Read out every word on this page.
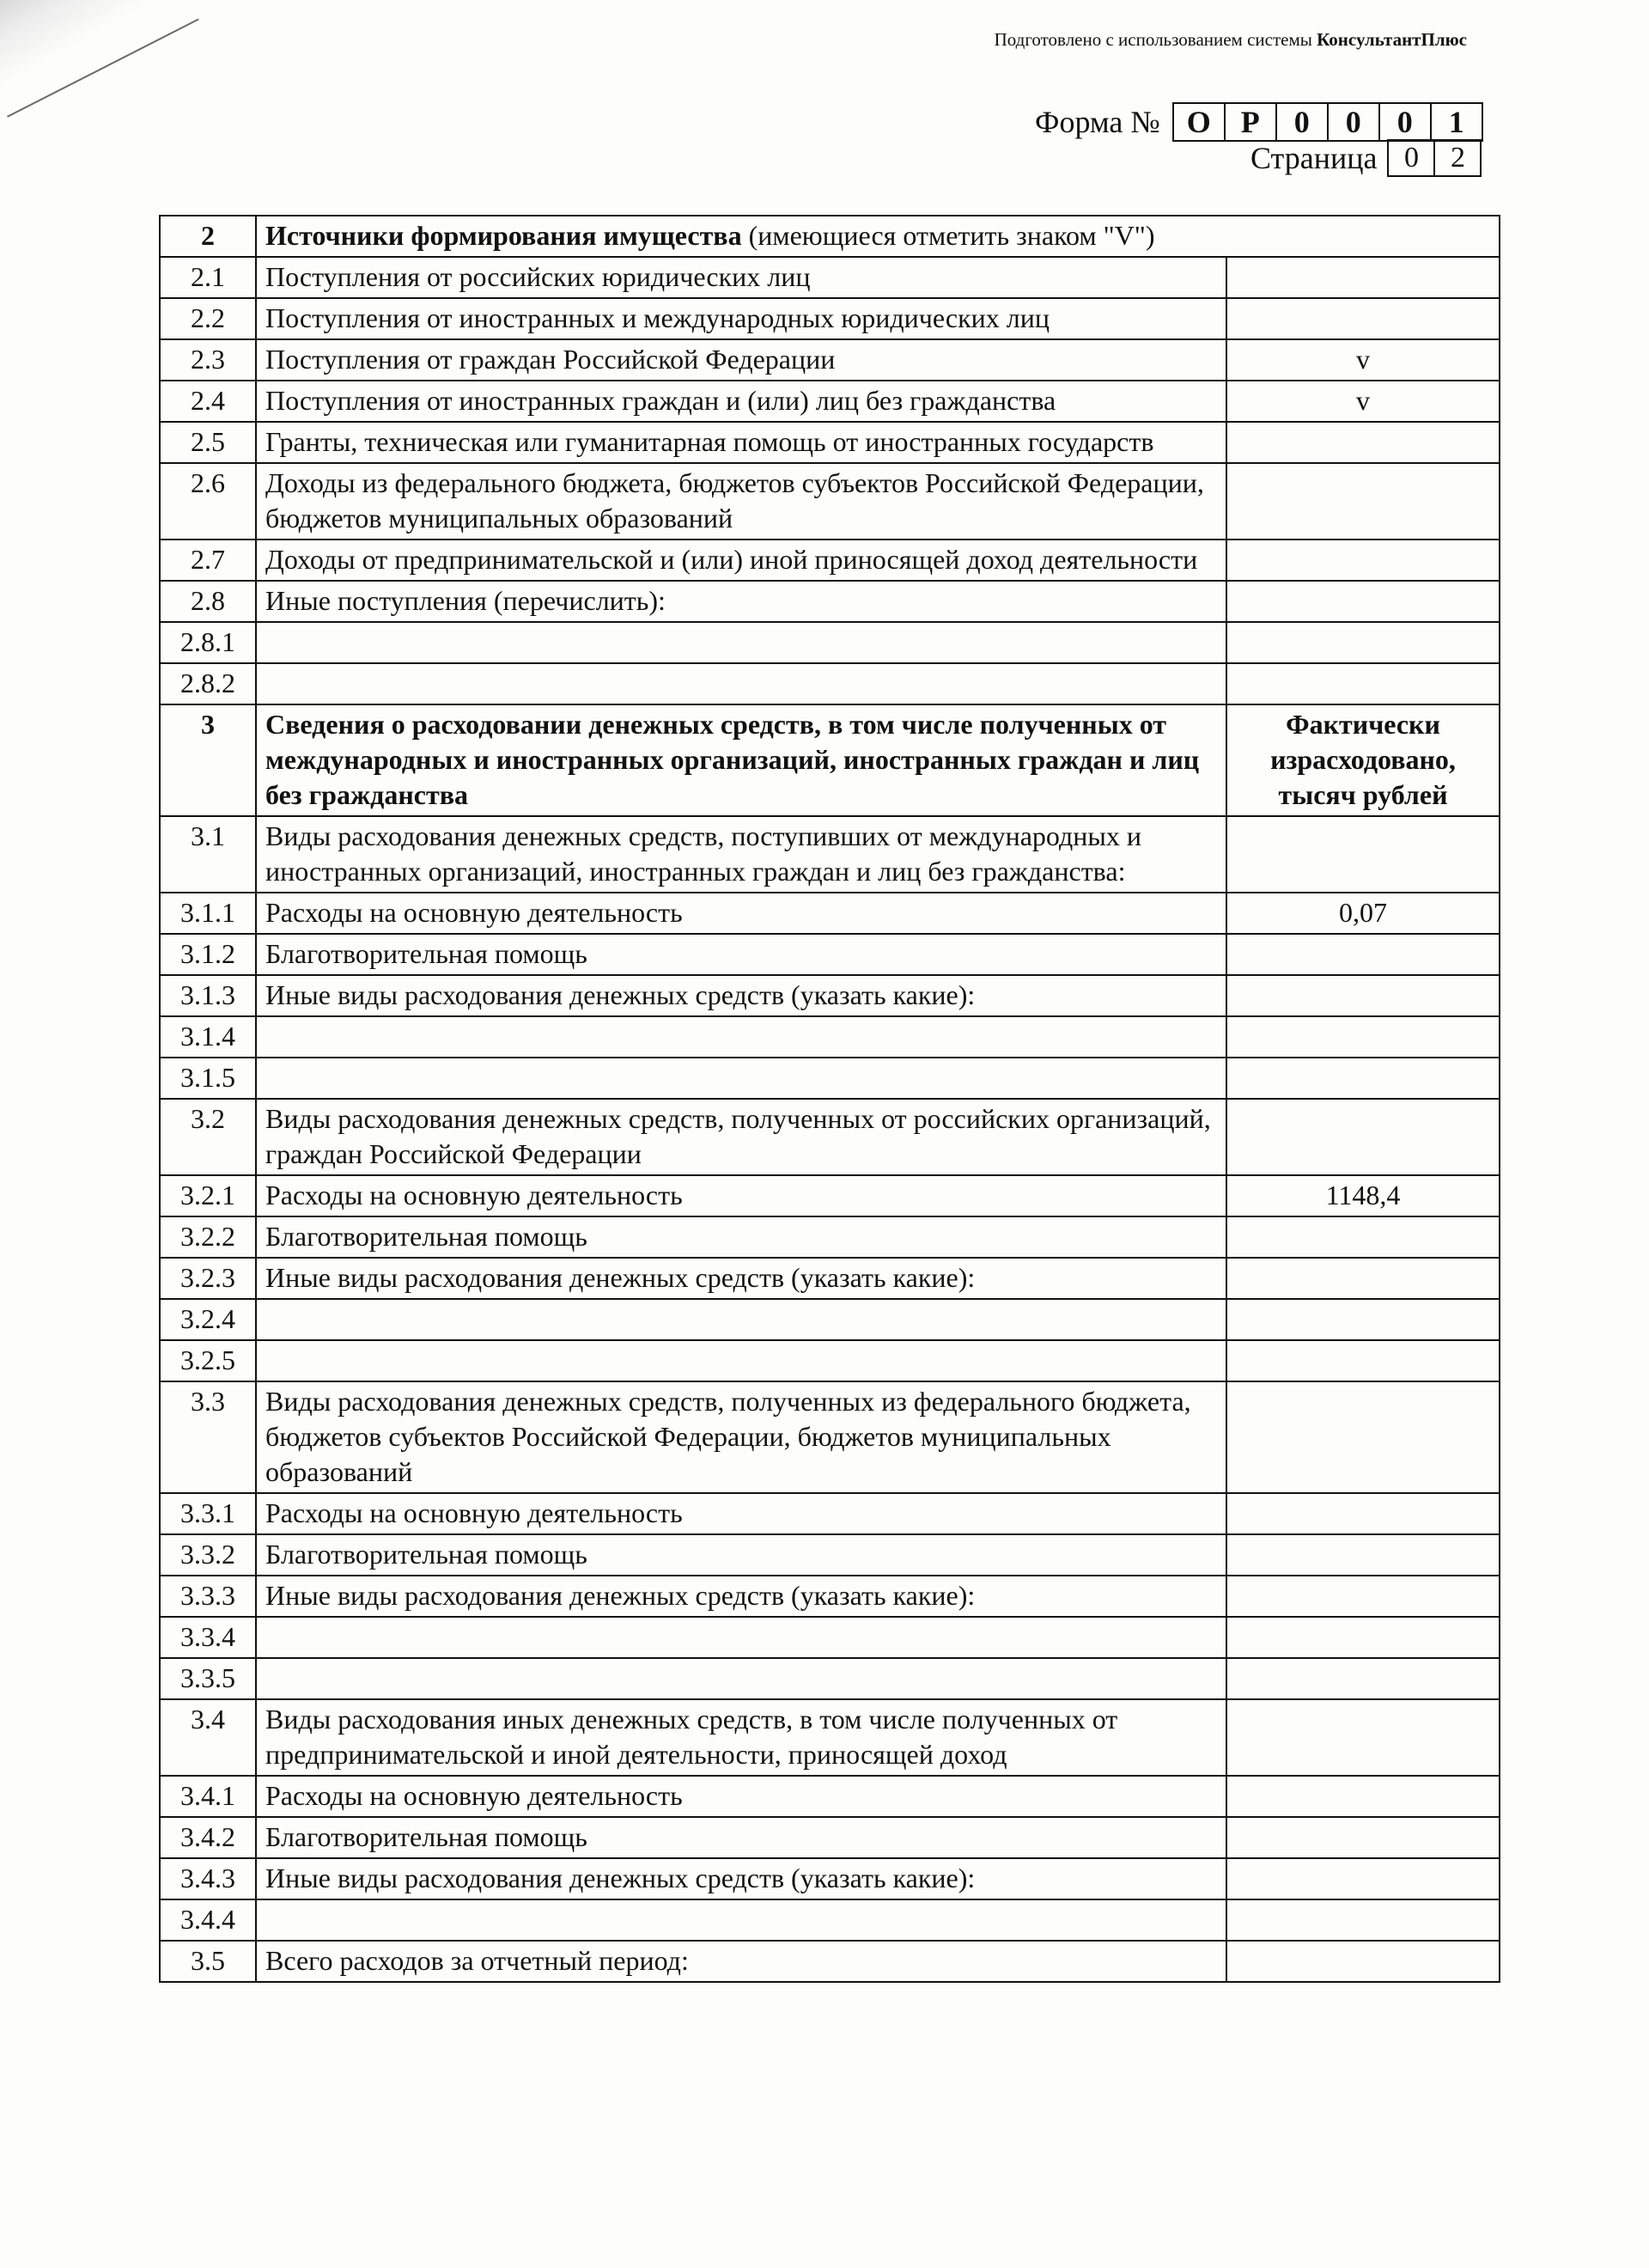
Подготовлено с использованием системы КонсультантПлюс
Форма № О Р	0	0	0	1
Страница 0	2
2	Источники формирования имущества (имеющиеся отметить знаком "V")	
2.1	Поступления от российских юридических лиц	
2.2	Поступления от иностранных и международных юридических лиц	
2.3	Поступления от граждан Российской Федерации	v
2.4	Поступления от иностранных граждан и (или) лиц без гражданства	v
2.5	Гранты, техническая или гуманитарная помощь от иностранных государств	
2.6	Доходы из федерального бюджета, бюджетов субъектов Российской Федерации, бюджетов муниципальных образований	
2.7	Доходы от предпринимательской и (или) иной приносящей доход деятельности	
2.8	Иные поступления (перечислить):	
2.8.1		
2.8.2		
3	Сведения о расходовании денежных средств, в том числе полученных от международных и иностранных организаций, иностранных граждан и лиц без гражданства	Фактически израсходовано, тысяч рублей
3.1	Виды расходования денежных средств, поступивших от международных и иностранных организаций, иностранных граждан и лиц без гражданства:	
3.1.1	Расходы на основную деятельность	0,07
3.1.2	Благотворительная помощь	
3.1.3	Иные виды расходования денежных средств (указать какие):	
3.1.4		
3.1.5		
3.2	Виды расходования денежных средств, полученных от российских организаций, граждан Российской Федерации	
3.2.1	Расходы на основную деятельность	1148,4
3.2.2	Благотворительная помощь	
3.2.3	Иные виды расходования денежных средств (указать какие):	
3.2.4		
3.2.5		
3.3	Виды расходования денежных средств, полученных из федерального бюджета, бюджетов субъектов Российской Федерации, бюджетов муниципальных образований	
3.3.1	Расходы на основную деятельность	
3.3.2	Благотворительная помощь	
3.3.3	Иные виды расходования денежных средств (указать какие):	
3.3.4		
3.3.5		
3.4	Виды расходования иных денежных средств, в том числе полученных от предпринимательской и иной деятельности, приносящей доход	
3.4.1	Расходы на основную деятельность	
3.4.2	Благотворительная помощь	
3.4.3	Иные виды расходования денежных средств (указать какие):	
3.4.4		
3.5	Всего расходов за отчетный период:	
